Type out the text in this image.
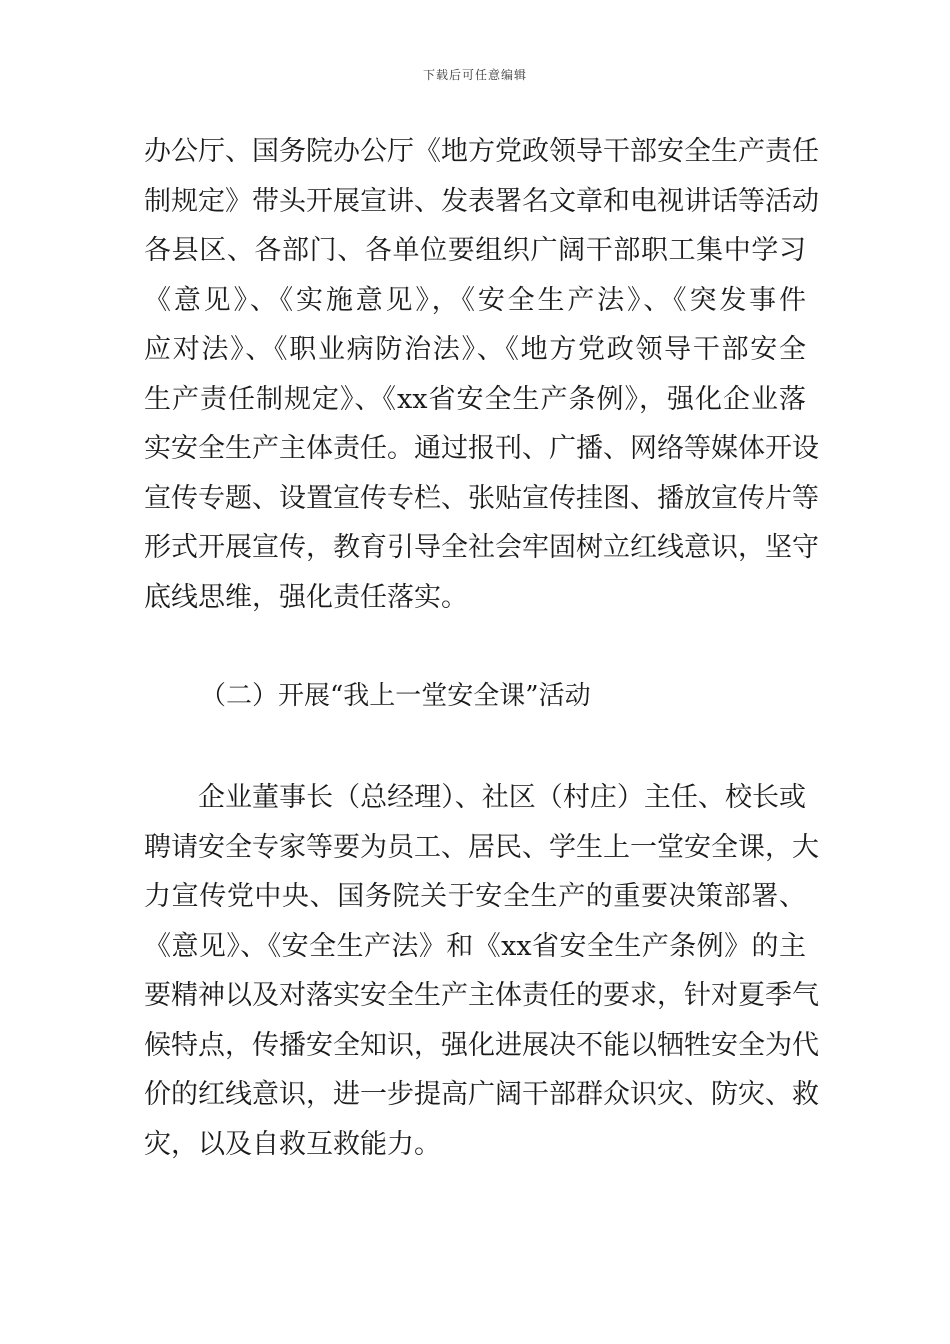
下载后可任意编辑
办公厅、国务院办公厅《地方党政领导干部安全生产责任
制规定》带头开展宣讲、发表署名文章和电视讲话等活动
各县区、各部门、各单位要组织广阔干部职工集中学习
《意见》、《实施意见》，《安全生产法》、《突发事件
应对法》、《职业病防治法》、《地方党政领导干部安全
生产责任制规定》、《xx省安全生产条例》，强化企业落
实安全生产主体责任。通过报刊、广播、网络等媒体开设
宣传专题、设置宣传专栏、张贴宣传挂图、播放宣传片等
形式开展宣传，教育引导全社会牢固树立红线意识，坚守
底线思维，强化责任落实。
（二）开展“我上一堂安全课”活动
企业董事长（总经理）、社区（村庄）主任、校长或
聘请安全专家等要为员工、居民、学生上一堂安全课，大
力宣传党中央、国务院关于安全生产的重要决策部署、
《意见》、《安全生产法》和《xx省安全生产条例》的主
要精神以及对落实安全生产主体责任的要求，针对夏季气
候特点，传播安全知识，强化进展决不能以牺牲安全为代
价的红线意识，进一步提高广阔干部群众识灾、防灾、救
灾，以及自救互救能力。
